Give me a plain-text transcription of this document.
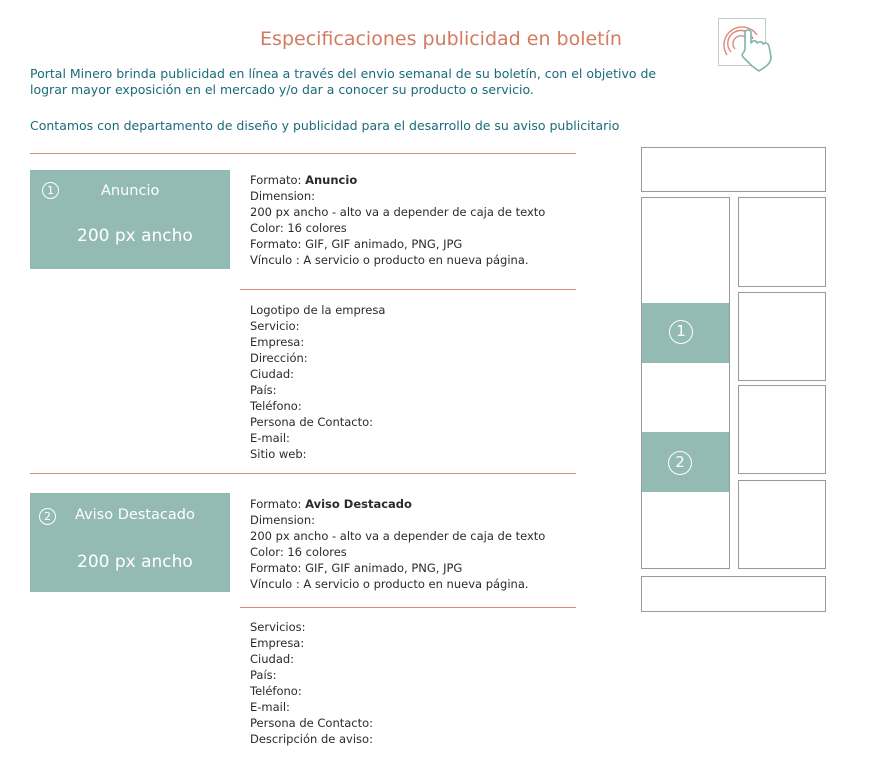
Especificaciones publicidad en boletín
Portal Minero brinda publicidad en línea a través del envio semanal de su boletín, con el objetivo de
lograr mayor exposición en el mercado y/o dar a conocer su producto o servicio.
Contamos con departamento de diseño y publicidad para el desarrollo de su aviso publicitario
1	Anuncio
200 px ancho
Formato: Anuncio
Dimension:
200 px ancho - alto va a depender de caja de texto
Color: 16 colores
Formato: GIF, GIF animado, PNG, JPG
Vínculo : A servicio o producto en nueva página.
Logotipo de la empresa
Servicio:
Empresa:
Dirección:
Ciudad:
País:
Teléfono:
Persona de Contacto:
E-mail:
Sitio web:
2	Aviso Destacado
200 px ancho
Formato: Aviso Destacado
Dimension:
200 px ancho - alto va a depender de caja de texto
Color: 16 colores
Formato: GIF, GIF animado, PNG, JPG
Vínculo : A servicio o producto en nueva página.
Servicios:
Empresa:
Ciudad:
País:
Teléfono:
E-mail:
Persona de Contacto:
Descripción de aviso:
1
2
